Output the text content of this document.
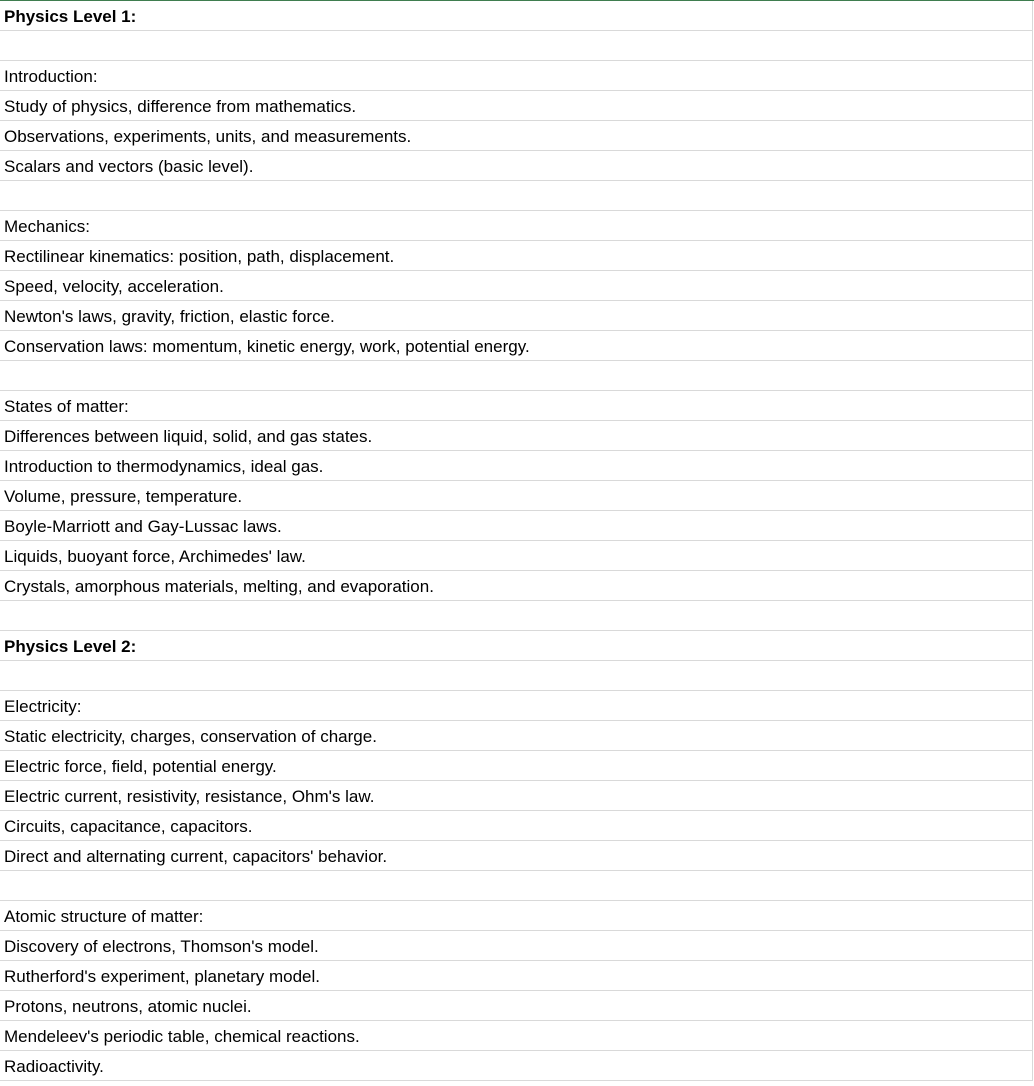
Physics Level 1:
Introduction:
Study of physics, difference from mathematics.
Observations, experiments, units, and measurements.
Scalars and vectors (basic level).
Mechanics:
Rectilinear kinematics: position, path, displacement.
Speed, velocity, acceleration.
Newton's laws, gravity, friction, elastic force.
Conservation laws: momentum, kinetic energy, work, potential energy.
States of matter:
Differences between liquid, solid, and gas states.
Introduction to thermodynamics, ideal gas.
Volume, pressure, temperature.
Boyle-Marriott and Gay-Lussac laws.
Liquids, buoyant force, Archimedes' law.
Crystals, amorphous materials, melting, and evaporation.
Physics Level 2:
Electricity:
Static electricity, charges, conservation of charge.
Electric force, field, potential energy.
Electric current, resistivity, resistance, Ohm's law.
Circuits, capacitance, capacitors.
Direct and alternating current, capacitors' behavior.
Atomic structure of matter:
Discovery of electrons, Thomson's model.
Rutherford's experiment, planetary model.
Protons, neutrons, atomic nuclei.
Mendeleev's periodic table, chemical reactions.
Radioactivity.
